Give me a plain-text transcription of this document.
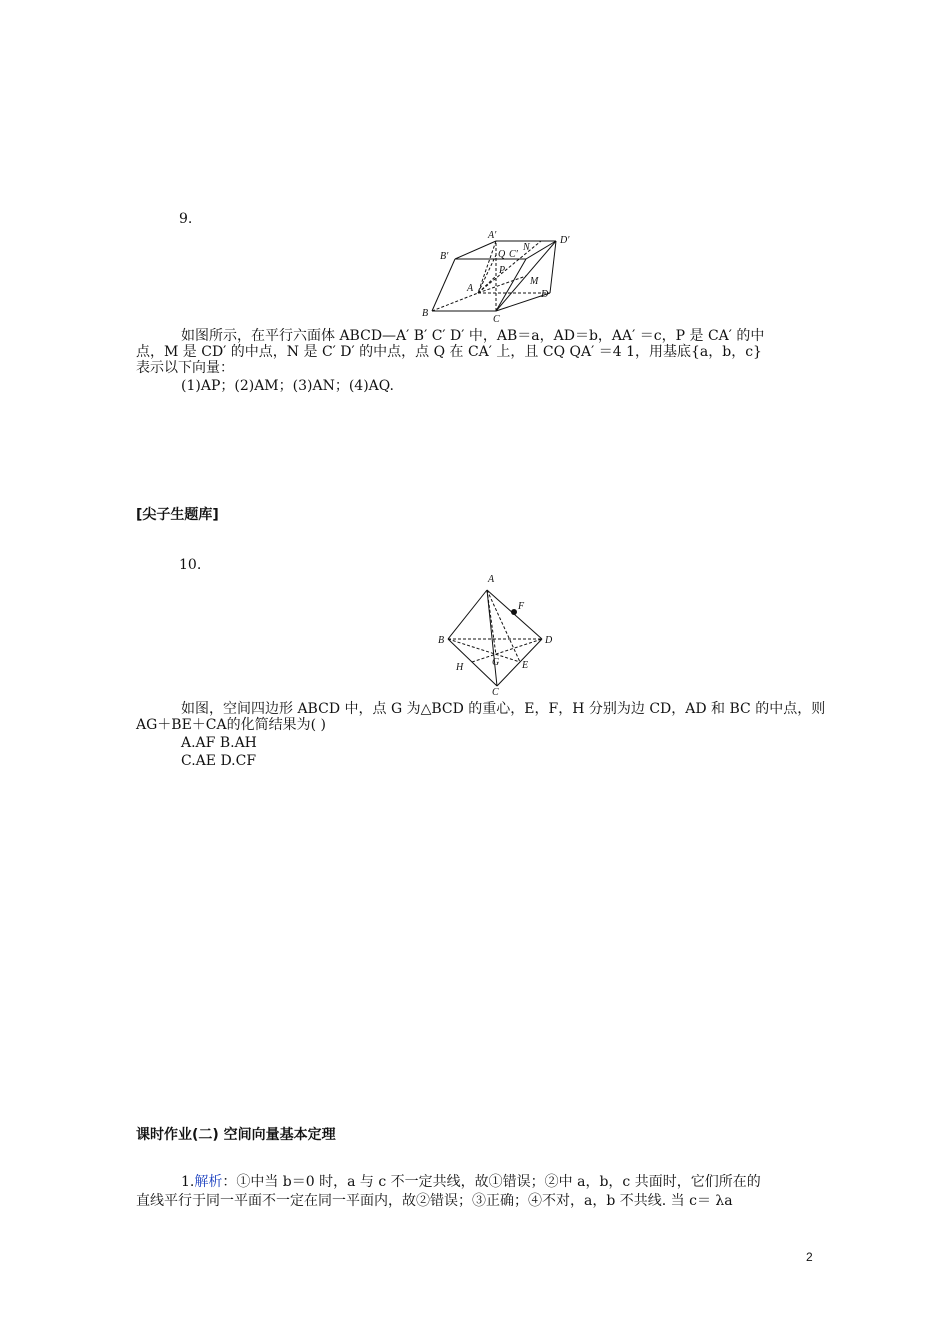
9.
A′	D′
B′	Q C′
N
P
M
A
D
B
C
如图所示，在平行六面体 ABCD—A′ B′ C′ D′ 中，AB＝a，AD＝b，AA′ ＝c，P 是 CA′ 的中
点，M 是 CD′ 的中点，N 是 C′ D′ 的中点，点 Q 在 CA′ 上，且 CQ QA′ ＝4 1，用基底{a，b，c}
表示以下向量：
(1)AP；(2)AM；(3)AN；(4)AQ.
[尖子生题库]
10.
A
F
B	D
H	G E
C
如图，空间四边形 ABCD 中，点 G 为△BCD 的重心，E，F，H 分别为边 CD，AD 和 BC 的中点，则
AG＋BE＋CA的化简结果为( )
A.AF B.AH
C.AE D.CF
课时作业(二) 空间向量基本定理
1.解析：①中当 b＝0 时，a 与 c 不一定共线，故①错误；②中 a，b，c 共面时，它们所在的
直线平行于同一平面不一定在同一平面内，故②错误；③正确；④不对，a，b 不共线. 当 c＝ λa
2
